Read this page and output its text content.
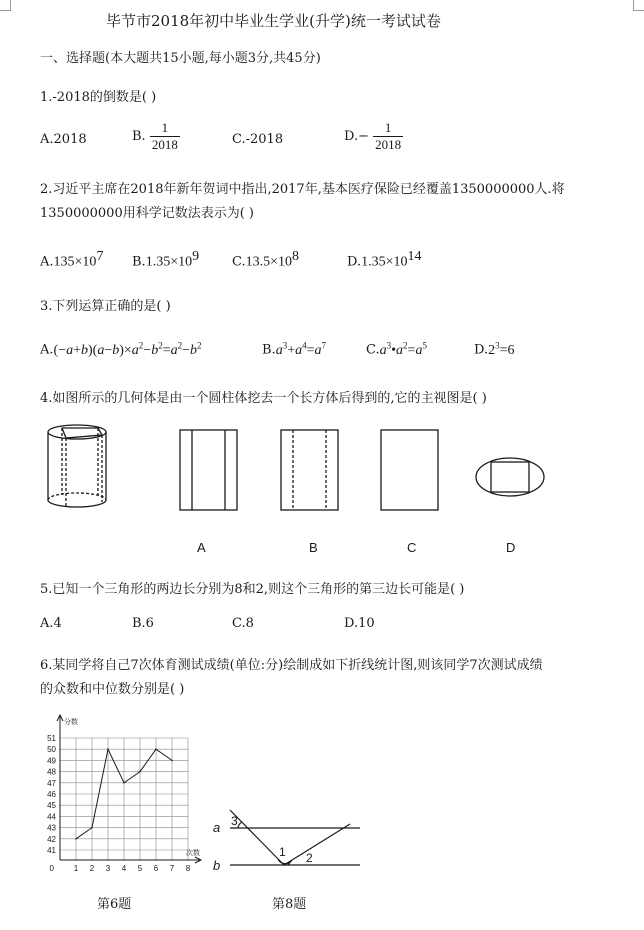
毕节市2018年初中毕业生学业(升学)统一考试试卷
一、选择题(本大题共15小题,每小题3分,共45分)
1.-2018的倒数是( )
A.2018	B. $\frac{1}{2018}$	C.-2018	$D.- \frac{1}{2018}$
2.习近平主席在2018年新年贺词中指出,2017年,基本医疗保险已经覆盖1350000000人.将
1350000000用科学记数法表示为( )
$A.135\times 10^7$ $B.1.35\times 10^9$	$C.13.5\times 10^8$	$D.1.35\times 10^{14}$
3.下列运算正确的是( )
$A.(-a+b)(a-b)\times a^2-b^2=a^2-b^2$	$B.a^3+a^4=a^7$	$C.a^3•a^2=a^5$	$D.2^3=6$
4.如图所示的几何体是由一个圆柱体挖去一个长方体后得到的,它的主视图是( )
A	B	C	D
5.已知一个三角形的两边长分别为8和2,则这个三角形的第三边长可能是( )
A.4	B.6	C.8	D.10
6.某同学将自己7次体育测试成绩(单位:分)绘制成如下折线统计图,则该同学7次测试成绩
的众数和中位数分别是( )
41
42
43
44
45
46
47
48
49
50
51
0 1 2 3 4 5 6 7 8
分数
次数
a
b
3
1 2
第6题	第8题
